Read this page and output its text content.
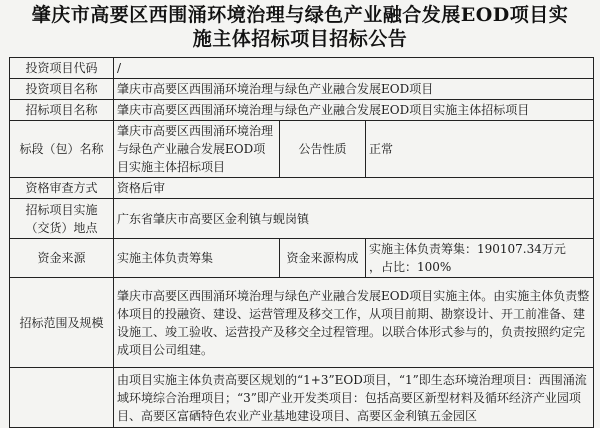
肇庆市高要区西围涌环境治理与绿色产业融合发展EOD项目实
施主体招标项目招标公告
投资项目代码	/		
投资项目名称	肇庆市高要区西围涌环境治理与绿色产业融合发展EOD项目		
招标项目名称	肇庆市高要区西围涌环境治理与绿色产业融合发展EOD项目实施主体招标项目		
标段（包）名称	肇庆市高要区西围涌环境治理与绿色产业融合发展EOD项目实施主体招标项目	公告性质	正常
资格审查方式	资格后审		

招标项目实施
（交货）地点	广东省肇庆市高要区金利镇与蚬岗镇		
资金来源	实施主体负责筹集	资金来源构成	实施主体负责筹集：190107.34万元
，占比：100%

招标范围及规模	肇庆市高要区西围涌环境治理与绿色产业融合发展EOD项目实施主体。由实施主体负责整体项目的投融资、建设、运营管理及移交工作，从项目前期、勘察设计、开工前准备、建设施工、竣工验收、运营投产及移交全过程管理。以联合体形式参与的，负责按照约定完成项目公司组建。		
	由项目实施主体负责高要区规划的“1+3”EOD项目，“1”即生态环境治理项目：西围涌流域环境综合治理项目；“3”即产业开发类项目：包括高要区新型材料及循环经济产业园项目、高要区富硒特色农业产业基地建设项目、高要区金利镇五金园区		
